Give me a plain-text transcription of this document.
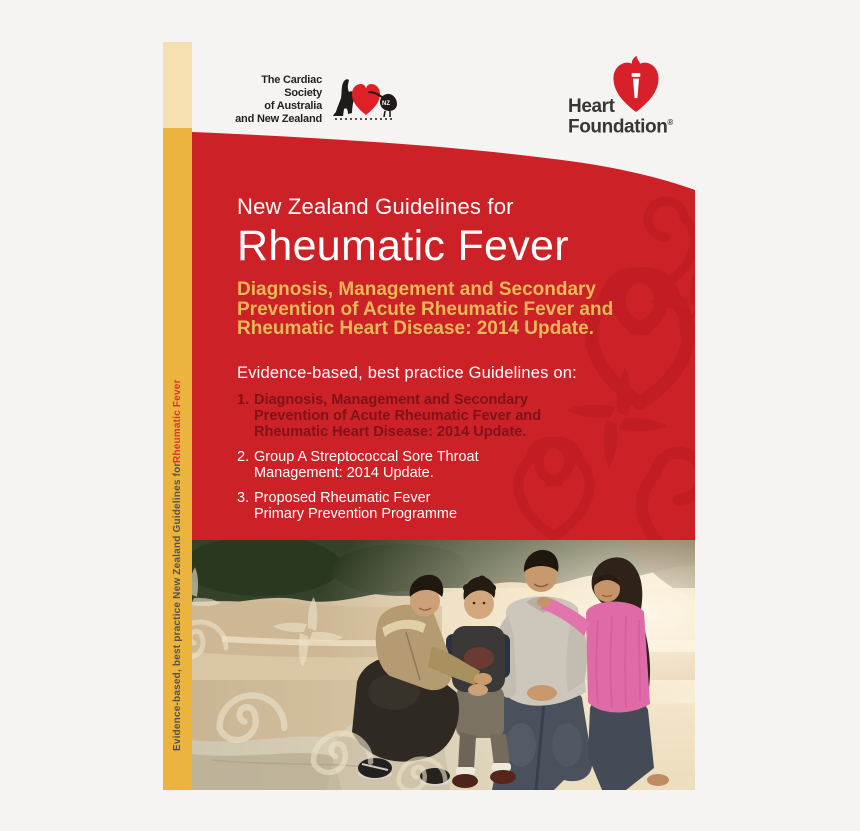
Evidence-based, best practice New Zealand Guidelines for
Rheumatic Fever
The Cardiac Society
of Australia
and New Zealand
NZ	Heart
Foundation®
New Zealand Guidelines for
Rheumatic Fever
Diagnosis, Management and Secondary
Prevention of Acute Rheumatic Fever and
Rheumatic Heart Disease: 2014 Update.
Evidence-based, best practice Guidelines on:
1. Diagnosis, Management and Secondary
Prevention of Acute Rheumatic Fever and
Rheumatic Heart Disease: 2014 Update.
2. Group A Streptococcal Sore Throat
Management: 2014 Update.
3. Proposed Rheumatic Fever
Primary Prevention Programme
